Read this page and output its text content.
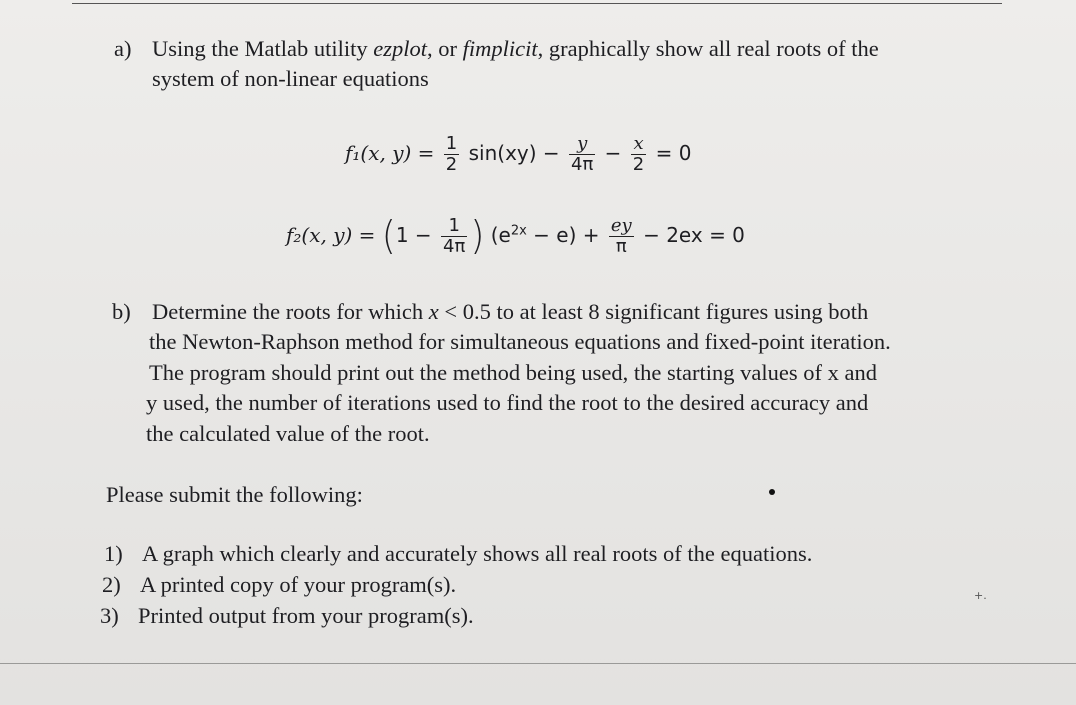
a) Using the Matlab utility ezplot, or fimplicit, graphically show all real roots of the
system of non-linear equations
f₁(x, $y) = \frac{1}{2} \sin(xy) - \frac{y}{4\pi} - \frac{x}{2} = 0$
f₂(x, $y) = (1 - \frac{1}{4\pi}$ ) $(e^{2x} - e) + \frac{ey}{\pi} - 2ex = 0$
b) Determine the roots for which x < 0.5 to at least 8 significant figures using both
the Newton-Raphson method for simultaneous equations and fixed-point iteration.
The program should print out the method being used, the starting values of x and
y used, the number of iterations used to find the root to the desired accuracy and
the calculated value of the root.
Please submit the following:
1) A graph which clearly and accurately shows all real roots of the equations.
2) A printed copy of your program(s).
3) Printed output from your program(s).
+.
